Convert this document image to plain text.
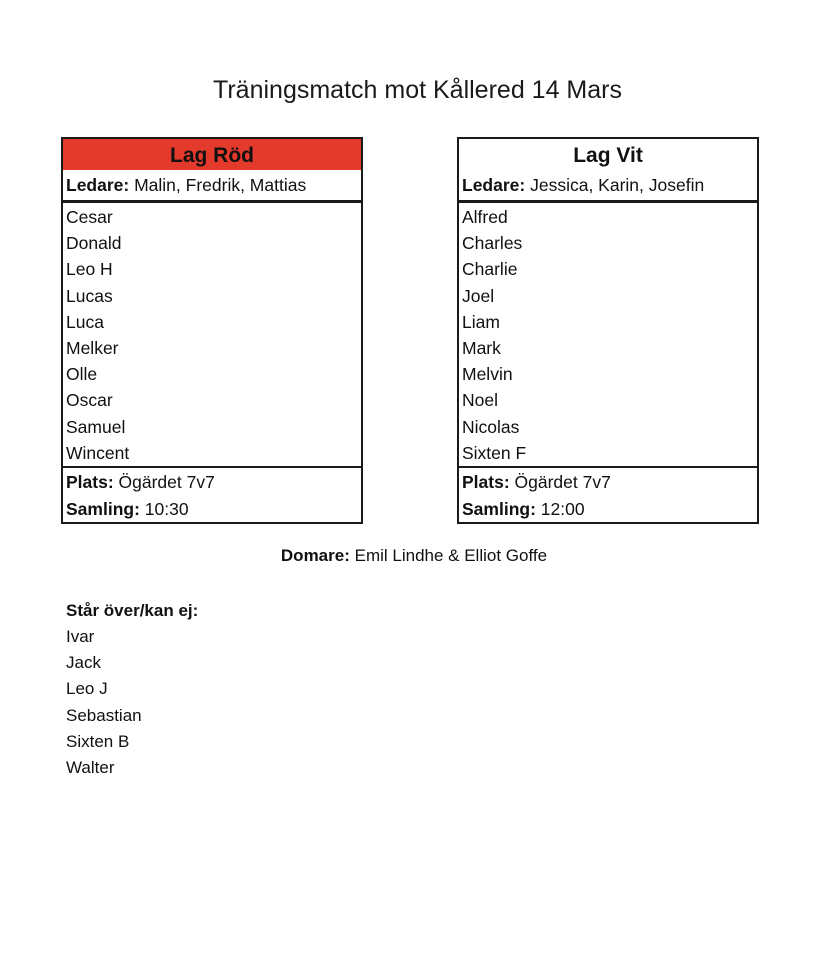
Träningsmatch mot Kållered 14 Mars
Lag Röd
Ledare: Malin, Fredrik, Mattias
Cesar
Donald
Leo H
Lucas
Luca
Melker
Olle
Oscar
Samuel
Wincent
Plats: Ögärdet 7v7
Samling: 10:30
Lag Vit
Ledare: Jessica, Karin, Josefin
Alfred
Charles
Charlie
Joel
Liam
Mark
Melvin
Noel
Nicolas
Sixten F
Plats: Ögärdet 7v7
Samling: 12:00
Domare: Emil Lindhe & Elliot Goffe
Står över/kan ej:
Ivar
Jack
Leo J
Sebastian
Sixten B
Walter
